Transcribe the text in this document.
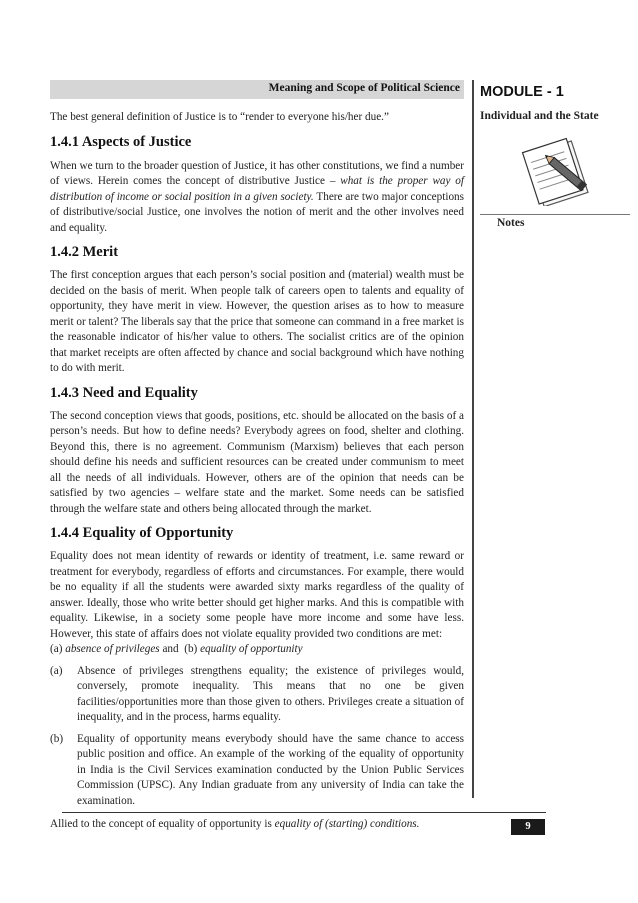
Meaning and Scope of Political Science MODULE - 1
Individual and the State
Notes

The best general definition of Justice is to “render to everyone his/her due.”

1.4.1 Aspects of Justice

When we turn to the broader question of Justice, it has other constitutions, we find a number of views. Herein comes the concept of distributive Justice – what is the proper way of distribution of income or social position in a given society. There are two major conceptions of distributive/social Justice, one involves the notion of merit and the other involves need and equality.

1.4.2 Merit

The first conception argues that each person’s social position and (material) wealth must be decided on the basis of merit. When people talk of careers open to talents and equality of opportunity, they have merit in view. However, the question arises as to how to measure merit or talent? The liberals say that the price that someone can command in a free market is the reasonable indicator of his/her value to others. The socialist critics are of the opinion that market receipts are often affected by chance and social background which have nothing to do with merit.

1.4.3 Need and Equality

The second conception views that goods, positions, etc. should be allocated on the basis of a person’s needs. But how to define needs? Everybody agrees on food, shelter and clothing. Beyond this, there is no agreement. Communism (Marxism) believes that each person should define his needs and sufficient resources can be created under communism to meet all the needs of all individuals. However, others are of the opinion that needs can be satisfied by two agencies – welfare state and the market. Some needs can be satisfied through the welfare state and others being allocated through the market.

1.4.4 Equality of Opportunity

Equality does not mean identity of rewards or identity of treatment, i.e. same reward or treatment for everybody, regardless of efforts and circumstances. For example, there would be no equality if all the students were awarded sixty marks regardless of the quality of answer. Ideally, those who write better should get higher marks. And this is compatible with equality. Likewise, in a society some people have more income and some have less. However, this state of affairs does not violate equality provided two conditions are met:
(a) absence of privileges and (b) equality of opportunity

(a) Absence of privileges strengthens equality; the existence of privileges would, conversely, promote inequality. This means that no one be given facilities/opportunities more than those given to others. Privileges create a situation of inequality, and in the process, harms equality.
(b) Equality of opportunity means everybody should have the same chance to access public position and office. An example of the working of the equality of opportunity in India is the Civil Services examination conducted by the Union Public Services Commission (UPSC). Any Indian graduate from any university of India can take the examination.

Allied to the concept of equality of opportunity is equality of (starting) conditions.	9
